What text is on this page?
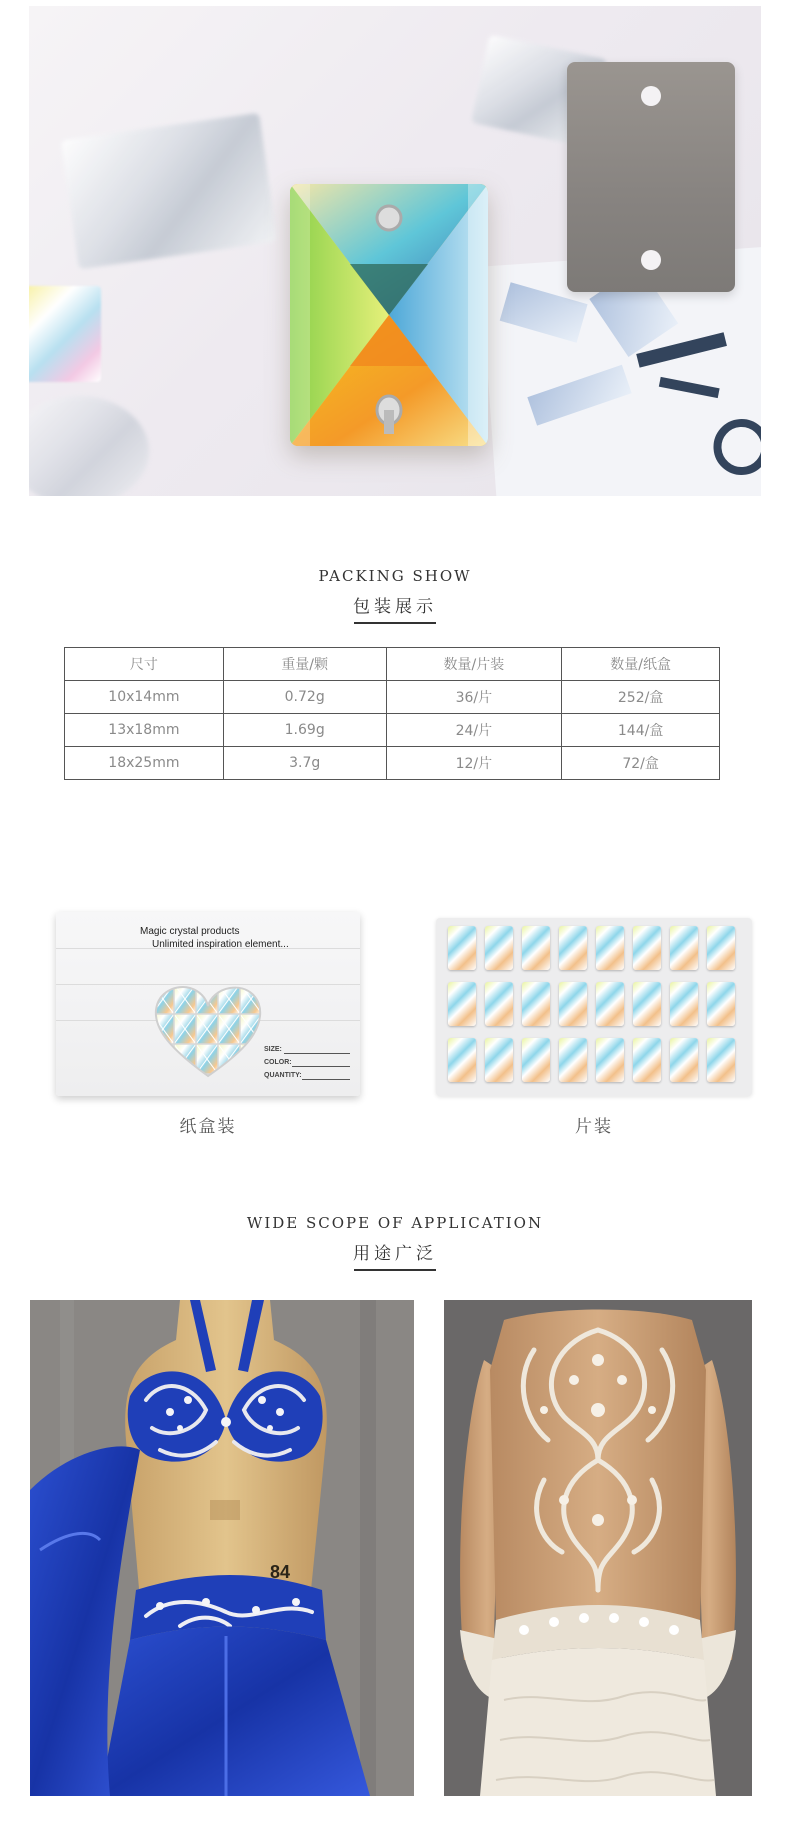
PACKING SHOW
包装展示
尺寸	重量/颗	数量/片装	数量/纸盒
10x14mm	0.72g	36/片	252/盒
13x18mm	1.69g	24/片	144/盒
18x25mm	3.7g	12/片	72/盒
Magic crystal products
Unlimited inspiration element...
SIZE:
COLOR:
QUANTITY:
纸盒装	片装
WIDE SCOPE OF APPLICATION
用途广泛
84
